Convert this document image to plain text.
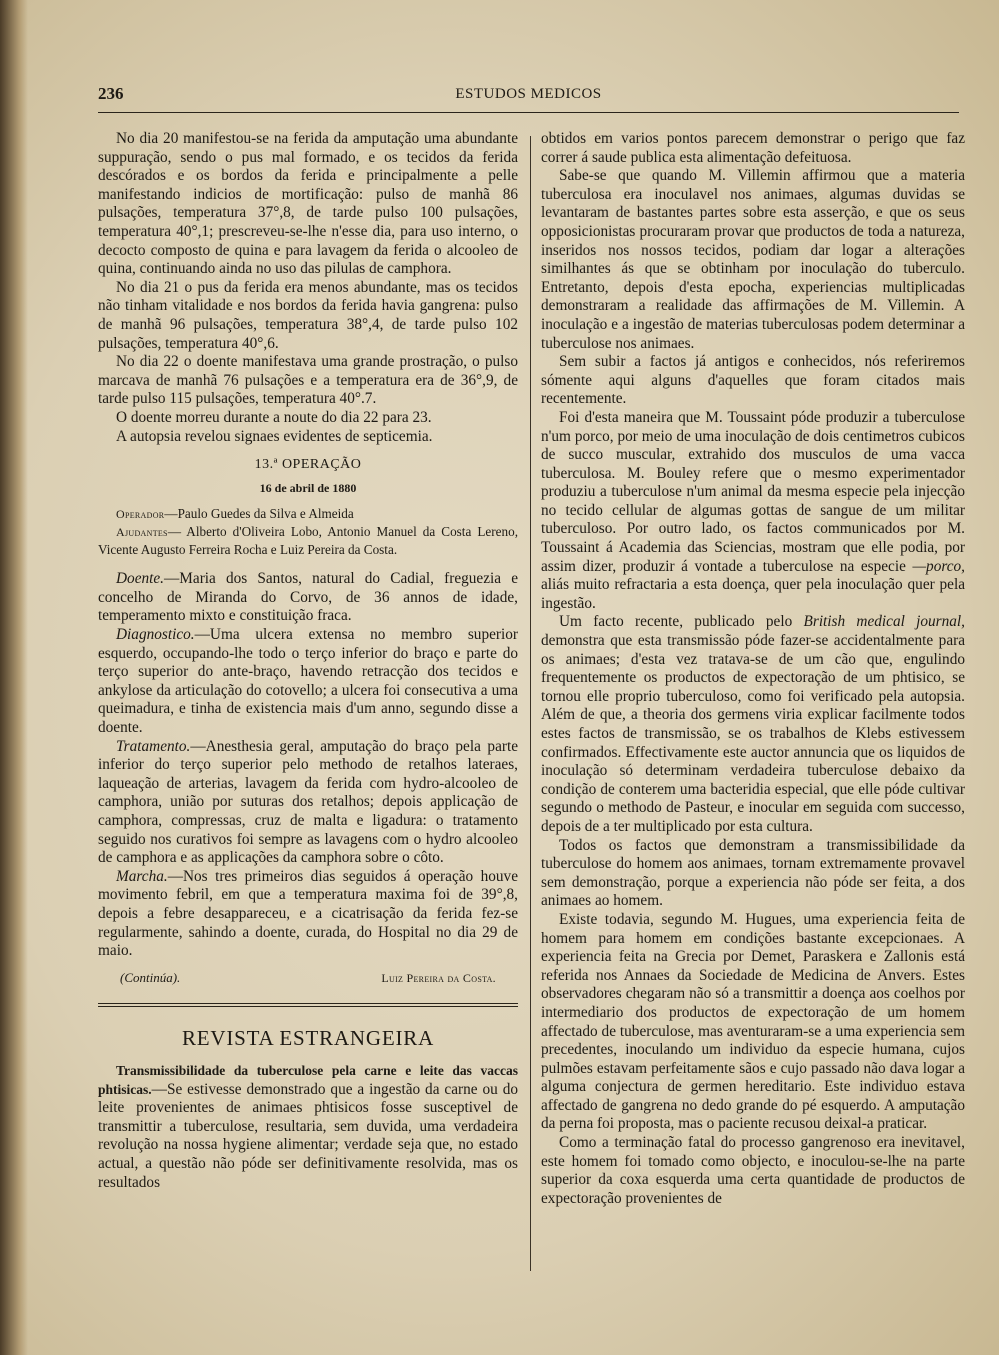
236	ESTUDOS MEDICOS

No dia 20 manifestou-se na ferida da amputação uma abundante suppuração, sendo o pus mal formado, e os tecidos da ferida descórados e os bordos da ferida e principalmente a pelle manifestando indicios de mortificação: pulso de manhã 86 pulsações, temperatura 37°,8, de tarde pulso 100 pulsações, temperatura 40°,1; prescreveu-se-lhe n'esse dia, para uso interno, o decocto composto de quina e para lavagem da ferida o alcooleo de quina, continuando ainda no uso das pilulas de camphora.

No dia 21 o pus da ferida era menos abundante, mas os tecidos não tinham vitalidade e nos bordos da ferida havia gangrena: pulso de manhã 96 pulsações, temperatura 38°,4, de tarde pulso 102 pulsações, temperatura 40°,6.

No dia 22 o doente manifestava uma grande prostração, o pulso marcava de manhã 76 pulsações e a temperatura era de 36°,9, de tarde pulso 115 pulsações, temperatura 40°.7.

O doente morreu durante a noute do dia 22 para 23.

A autopsia revelou signaes evidentes de septicemia.

13.ª OPERAÇÃO
16 de abril de 1880

Operador—Paulo Guedes da Silva e Almeida

Ajudantes— Alberto d'Oliveira Lobo, Antonio Manuel da Costa Lereno, Vicente Augusto Ferreira Rocha e Luiz Pereira da Costa.

Doente.—Maria dos Santos, natural do Cadial, freguezia e concelho de Miranda do Corvo, de 36 annos de idade, temperamento mixto e constituição fraca.

Diagnostico.—Uma ulcera extensa no membro superior esquerdo, occupando-lhe todo o terço inferior do braço e parte do terço superior do ante-braço, havendo retracção dos tecidos e ankylose da articulação do cotovello; a ulcera foi consecutiva a uma queimadura, e tinha de existencia mais d'um anno, segundo disse a doente.

Tratamento.—Anesthesia geral, amputação do braço pela parte inferior do terço superior pelo methodo de retalhos lateraes, laqueação de arterias, lavagem da ferida com hydro-alcooleo de camphora, união por suturas dos retalhos; depois applicação de camphora, compressas, cruz de malta e ligadura: o tratamento seguido nos curativos foi sempre as lavagens com o hydro alcooleo de camphora e as applicações da camphora sobre o côto.

Marcha.—Nos tres primeiros dias seguidos á operação houve movimento febril, em que a temperatura maxima foi de 39°,8, depois a febre desappareceu, e a cicatrisação da ferida fez-se regularmente, sahindo a doente, curada, do Hospital no dia 29 de maio.

(Continúa).	Luiz Pereira da Costa.
REVISTA ESTRANGEIRA

Transmissibilidade da tuberculose pela carne e leite das vaccas phtisicas.—Se estivesse demonstrado que a ingestão da carne ou do leite provenientes de animaes phtisicos fosse susceptivel de transmittir a tuberculose, resultaria, sem duvida, uma verdadeira revolução na nossa hygiene alimentar; verdade seja que, no estado actual, a questão não póde ser definitivamente resolvida, mas os resultados

obtidos em varios pontos parecem demonstrar o perigo que faz correr á saude publica esta alimentação defeituosa.

Sabe-se que quando M. Villemin affirmou que a materia tuberculosa era inoculavel nos animaes, algumas duvidas se levantaram de bastantes partes sobre esta asserção, e que os seus opposicionistas procuraram provar que productos de toda a natureza, inseridos nos nossos tecidos, podiam dar logar a alterações similhantes ás que se obtinham por inoculação do tuberculo. Entretanto, depois d'esta epocha, experiencias multiplicadas demonstraram a realidade das affirmações de M. Villemin. A inoculação e a ingestão de materias tuberculosas podem determinar a tuberculose nos animaes.

Sem subir a factos já antigos e conhecidos, nós referiremos sómente aqui alguns d'aquelles que foram citados mais recentemente.

Foi d'esta maneira que M. Toussaint póde produzir a tuberculose n'um porco, por meio de uma inoculação de dois centimetros cubicos de succo muscular, extrahido dos musculos de uma vacca tuberculosa. M. Bouley refere que o mesmo experimentador produziu a tuberculose n'um animal da mesma especie pela injecção no tecido cellular de algumas gottas de sangue de um militar tuberculoso. Por outro lado, os factos communicados por M. Toussaint á Academia das Sciencias, mostram que elle podia, por assim dizer, produzir á vontade a tuberculose na especie —porco, aliás muito refractaria a esta doença, quer pela inoculação quer pela ingestão.

Um facto recente, publicado pelo British medical journal, demonstra que esta transmissão póde fazer-se accidentalmente para os animaes; d'esta vez tratava-se de um cão que, engulindo frequentemente os productos de expectoração de um phtisico, se tornou elle proprio tuberculoso, como foi verificado pela autopsia. Além de que, a theoria dos germens viria explicar facilmente todos estes factos de transmissão, se os trabalhos de Klebs estivessem confirmados. Effectivamente este auctor annuncia que os liquidos de inoculação só determinam verdadeira tuberculose debaixo da condição de conterem uma bacteridia especial, que elle póde cultivar segundo o methodo de Pasteur, e inocular em seguida com successo, depois de a ter multiplicado por esta cultura.

Todos os factos que demonstram a transmissibilidade da tuberculose do homem aos animaes, tornam extremamente provavel sem demonstração, porque a experiencia não póde ser feita, a dos animaes ao homem.

Existe todavia, segundo M. Hugues, uma experiencia feita de homem para homem em condições bastante excepcionaes. A experiencia feita na Grecia por Demet, Paraskera e Zallonis está referida nos Annaes da Sociedade de Medicina de Anvers. Estes observadores chegaram não só a transmittir a doença aos coelhos por intermediario dos productos de expectoração de um homem affectado de tuberculose, mas aventuraram-se a uma experiencia sem precedentes, inoculando um individuo da especie humana, cujos pulmões estavam perfeitamente sãos e cujo passado não dava logar a alguma conjectura de germen hereditario. Este individuo estava affectado de gangrena no dedo grande do pé esquerdo. A amputação da perna foi proposta, mas o paciente recusou deixal-a praticar.

Como a terminação fatal do processo gangrenoso era inevitavel, este homem foi tomado como objecto, e inoculou-se-lhe na parte superior da coxa esquerda uma certa quantidade de productos de expectoração provenientes de
